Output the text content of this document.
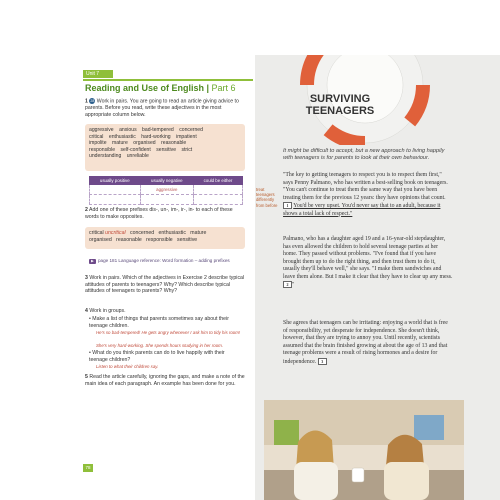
Unit 7
Reading and Use of English | Part 6
1 28 Work in pairs. You are going to read an article giving advice to parents. Before you read, write these adjectives in the most appropriate column below.
aggressive anxious bad-tempered concerned
critical enthusiastic hard-working impatient
impolite mature organised reasonable
responsible self-confident sensitive strict
understanding unreliable
usually positive	usually negative	could be either
	aggressive	

2 Add one of these prefixes dis-, un-, im-, ir-, in- to each of these words to make opposites.
critical uncritical concerned enthusiastic mature
organised reasonable responsible sensitive
▶ page 181 Language reference: Word formation – adding prefixes
3 Work in pairs. Which of the adjectives in Exercise 2 describe typical attitudes of parents to teenagers? Why? Which describe typical attitudes of teenagers to parents? Why?
4 Work in groups.
• Make a list of things that parents sometimes say about their teenage children.
He's so bad-tempered! He gets angry whenever I ask him to tidy his room!
She's very hard-working. She spends hours studying in her room.
• What do you think parents can do to live happily with their teenage children?
Listen to what their children say.
5 Read the article carefully, ignoring the gaps, and make a note of the main idea of each paragraph. An example has been done for you.
78
SURVIVING
TEENAGERS
It might be difficult to accept, but a new approach to living happily with teenagers is for parents to look at their own behaviour.
treat teenagers differently from before
"The key to getting teenagers to respect you is to respect them first," says Penny Palmano, who has written a best-selling book on teenagers. "You can't continue to treat them the same way that you have been treating them for the previous 12 years: they have opinions that count. 1 You'd be very upset. You'd never say that to an adult, because it shows a total lack of respect."
Palmano, who has a daughter aged 19 and a 16-year-old stepdaughter, has even allowed the children to hold several teenage parties at her home. They passed without problems. "I've found that if you have brought them up to do the right thing, and then trust them to do it, usually they'll behave well," she says. "I make them sandwiches and leave them alone. But I make it clear that they have to clear up any mess. 2 "
She agrees that teenagers can be irritating: enjoying a world that is free of responsibility, yet desperate for independence. She doesn't think, however, that they are trying to annoy you. Until recently, scientists assumed that the brain finished growing at about the age of 13 and that teenage problems were a result of rising hormones and a desire for independence. 3
